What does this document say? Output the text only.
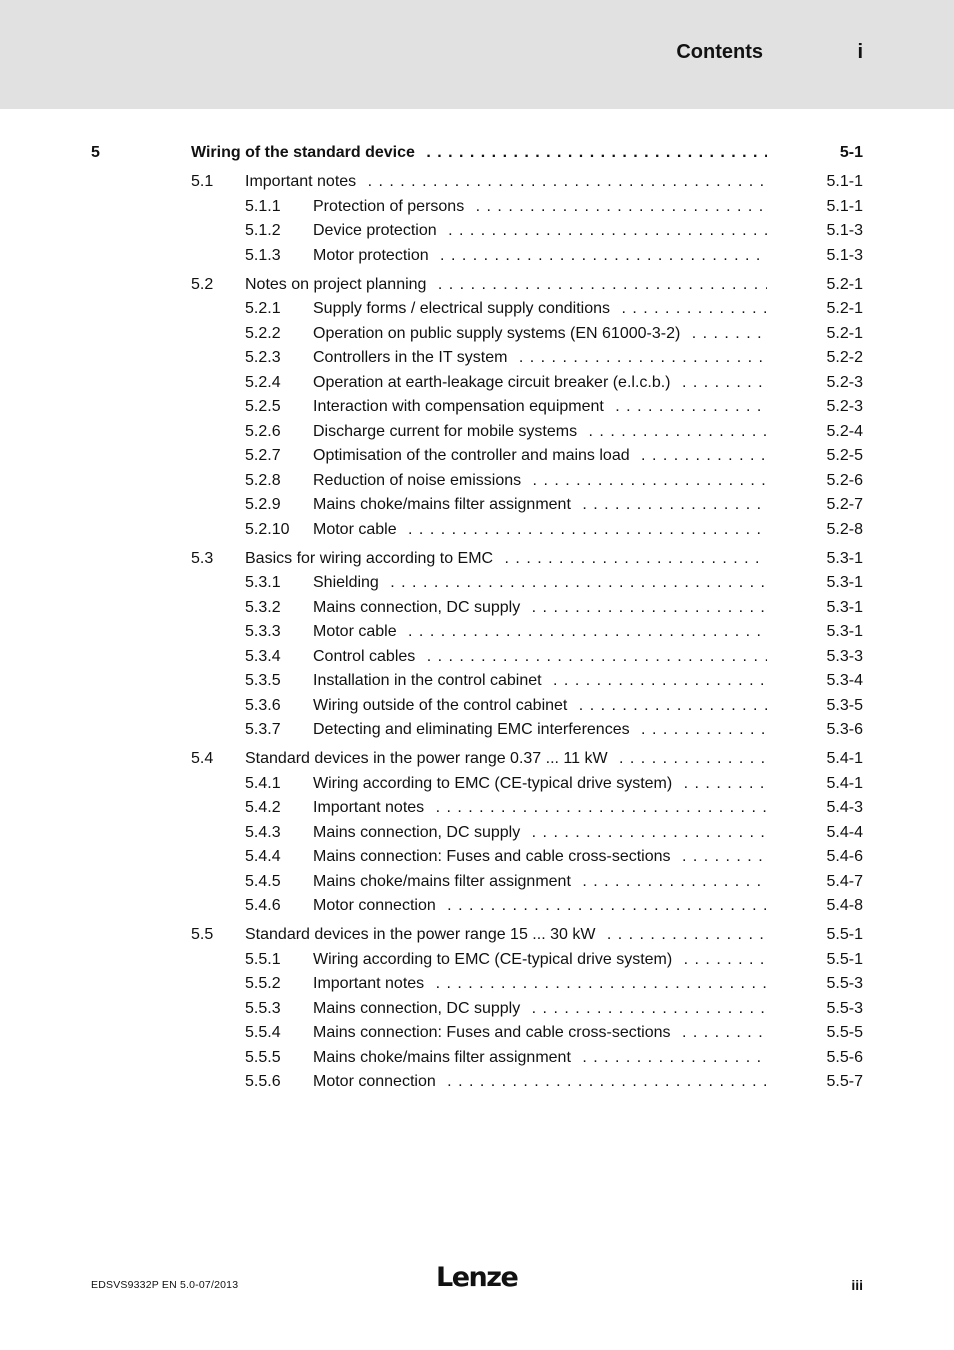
Contents	i
5	Wiring of the standard device . . .	5-1
5.1 Important notes . . .	5.1-1
5.1.1 Protection of persons . . .	5.1-1
5.1.2 Device protection . . .	5.1-3
5.1.3 Motor protection . . .	5.1-3
5.2 Notes on project planning . . .	5.2-1
5.2.1 Supply forms / electrical supply conditions . . .	5.2-1
5.2.2 Operation on public supply systems (EN 61000-3-2) . . .	5.2-1
5.2.3 Controllers in the IT system . . .	5.2-2
5.2.4 Operation at earth-leakage circuit breaker (e.l.c.b.) . . .	5.2-3
5.2.5 Interaction with compensation equipment . . .	5.2-3
5.2.6 Discharge current for mobile systems . . .	5.2-4
5.2.7 Optimisation of the controller and mains load . . .	5.2-5
5.2.8 Reduction of noise emissions . . .	5.2-6
5.2.9 Mains choke/mains filter assignment . . .	5.2-7
5.2.10 Motor cable . . .	5.2-8
5.3 Basics for wiring according to EMC . . .	5.3-1
5.3.1 Shielding . . .	5.3-1
5.3.2 Mains connection, DC supply . . .	5.3-1
5.3.3 Motor cable . . .	5.3-1
5.3.4 Control cables . . .	5.3-3
5.3.5 Installation in the control cabinet . . .	5.3-4
5.3.6 Wiring outside of the control cabinet . . .	5.3-5
5.3.7 Detecting and eliminating EMC interferences . . .	5.3-6
5.4 Standard devices in the power range 0.37 ... 11 kW . . .	5.4-1
5.4.1 Wiring according to EMC (CE-typical drive system) . . .	5.4-1
5.4.2 Important notes . . .	5.4-3
5.4.3 Mains connection, DC supply . . .	5.4-4
5.4.4 Mains connection: Fuses and cable cross-sections . . .	5.4-6
5.4.5 Mains choke/mains filter assignment . . .	5.4-7
5.4.6 Motor connection . . .	5.4-8
5.5 Standard devices in the power range 15 ... 30 kW . . .	5.5-1
5.5.1 Wiring according to EMC (CE-typical drive system) . . .	5.5-1
5.5.2 Important notes . . .	5.5-3
5.5.3 Mains connection, DC supply . . .	5.5-3
5.5.4 Mains connection: Fuses and cable cross-sections . . .	5.5-5
5.5.5 Mains choke/mains filter assignment . . .	5.5-6
5.5.6 Motor connection . . .	5.5-7
EDSVS9332P EN 5.0-07/2013	Lenze	iii
